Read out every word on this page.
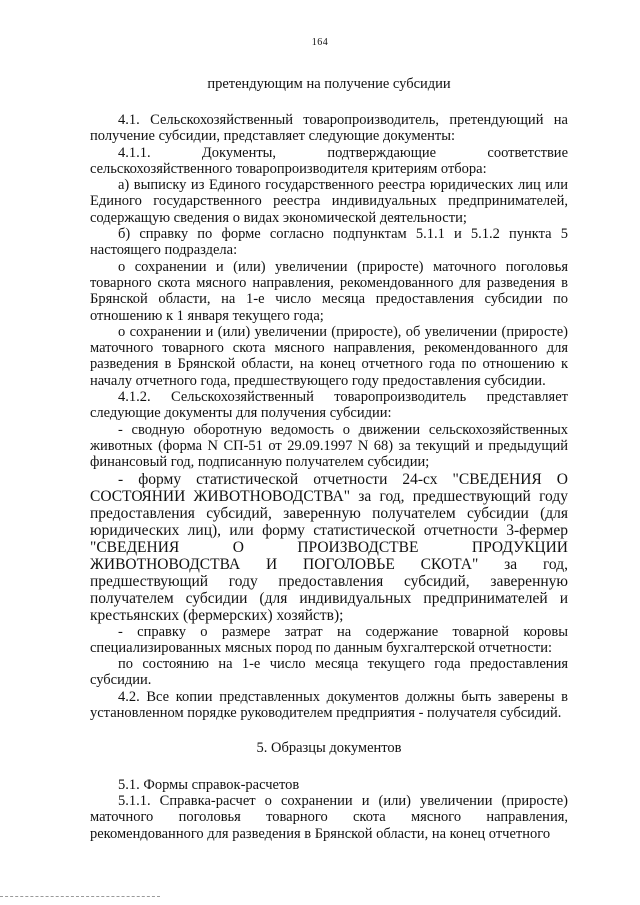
164
претендующим на получение субсидии

4.1. Сельскохозяйственный товаропроизводитель, претендующий на получение субсидии, представляет следующие документы:

4.1.1. Документы, подтверждающие соответствие сельскохозяйственного товаропроизводителя критериям отбора:

а) выписку из Единого государственного реестра юридических лиц или Единого государственного реестра индивидуальных предпринимателей, содержащую сведения о видах экономической деятельности;

б) справку по форме согласно подпунктам 5.1.1 и 5.1.2 пункта 5 настоящего подраздела:

о сохранении и (или) увеличении (приросте) маточного поголовья товарного скота мясного направления, рекомендованного для разведения в Брянской области, на 1-е число месяца предоставления субсидии по отношению к 1 января текущего года;

о сохранении и (или) увеличении (приросте), об увеличении (приросте) маточного товарного скота мясного направления, рекомендованного для разведения в Брянской области, на конец отчетного года по отношению к началу отчетного года, предшествующего году предоставления субсидии.

4.1.2. Сельскохозяйственный товаропроизводитель представляет следующие документы для получения субсидии:

- сводную оборотную ведомость о движении сельскохозяйственных животных (форма N СП-51 от 29.09.1997 N 68) за текущий и предыдущий финансовый год, подписанную получателем субсидии;

- форму статистической отчетности 24-сх "СВЕДЕНИЯ О СОСТОЯНИИ ЖИВОТНОВОДСТВА" за год, предшествующий году предоставления субсидий, заверенную получателем субсидии (для юридических лиц), или форму статистической отчетности 3-фермер "СВЕДЕНИЯ О ПРОИЗВОДСТВЕ ПРОДУКЦИИ ЖИВОТНОВОДСТВА И ПОГОЛОВЬЕ СКОТА" за год, предшествующий году предоставления субсидий, заверенную получателем субсидии (для индивидуальных предпринимателей и крестьянских (фермерских) хозяйств);

- справку о размере затрат на содержание товарной коровы специализированных мясных пород по данным бухгалтерской отчетности:

по состоянию на 1-е число месяца текущего года предоставления субсидии.

4.2. Все копии представленных документов должны быть заверены в установленном порядке руководителем предприятия - получателя субсидий.

5. Образцы документов

5.1. Формы справок-расчетов

5.1.1. Справка-расчет о сохранении и (или) увеличении (приросте) маточного поголовья товарного скота мясного направления, рекомендованного для разведения в Брянской области, на конец отчетного
